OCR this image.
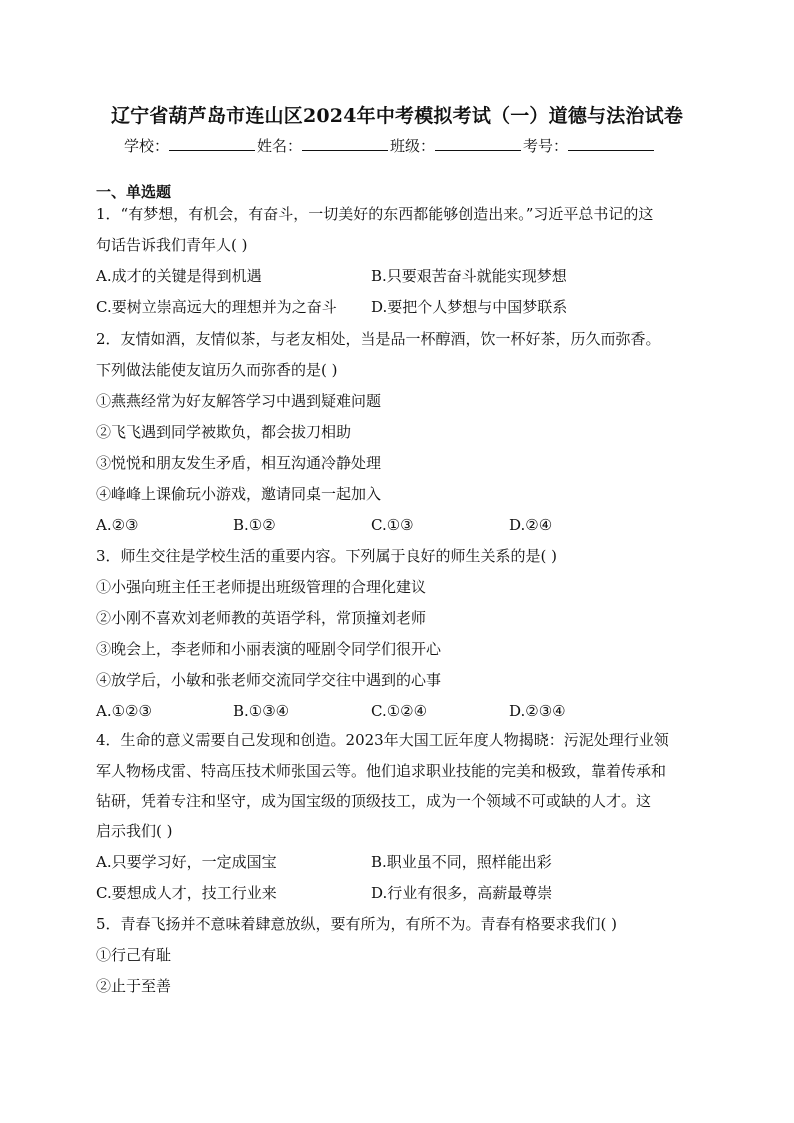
辽宁省葫芦岛市连山区2024年中考模拟考试（一）道德与法治试卷
学校：	姓名：	班级：	考号：
一、单选题
1．“有梦想，有机会，有奋斗，一切美好的东西都能够创造出来。”习近平总书记的这
句话告诉我们青年人( )
A.成才的关键是得到机遇	B.只要艰苦奋斗就能实现梦想
C.要树立崇高远大的理想并为之奋斗 D.要把个人梦想与中国梦联系
2．友情如酒，友情似茶，与老友相处，当是品一杯醇酒，饮一杯好茶，历久而弥香。
下列做法能使友谊历久而弥香的是( )
①燕燕经常为好友解答学习中遇到疑难问题
②飞飞遇到同学被欺负，都会拔刀相助
③悦悦和朋友发生矛盾，相互沟通冷静处理
④峰峰上课偷玩小游戏，邀请同桌一起加入
A.②③	B.①②	C.①③	D.②④
3．师生交往是学校生活的重要内容。下列属于良好的师生关系的是( )
①小强向班主任王老师提出班级管理的合理化建议
②小刚不喜欢刘老师教的英语学科，常顶撞刘老师
③晚会上，李老师和小丽表演的哑剧令同学们很开心
④放学后，小敏和张老师交流同学交往中遇到的心事
A.①②③	B.①③④	C.①②④	D.②③④
4．生命的意义需要自己发现和创造。2023年大国工匠年度人物揭晓：污泥处理行业领
军人物杨戌雷、特高压技术师张国云等。他们追求职业技能的完美和极致，靠着传承和
钻研，凭着专注和坚守，成为国宝级的顶级技工，成为一个领域不可或缺的人才。这
启示我们( )
A.只要学习好，一定成国宝	B.职业虽不同，照样能出彩
C.要想成人才，技工行业来	D.行业有很多，高薪最尊崇
5．青春飞扬并不意味着肆意放纵，要有所为，有所不为。青春有格要求我们( )
①行己有耻
②止于至善
